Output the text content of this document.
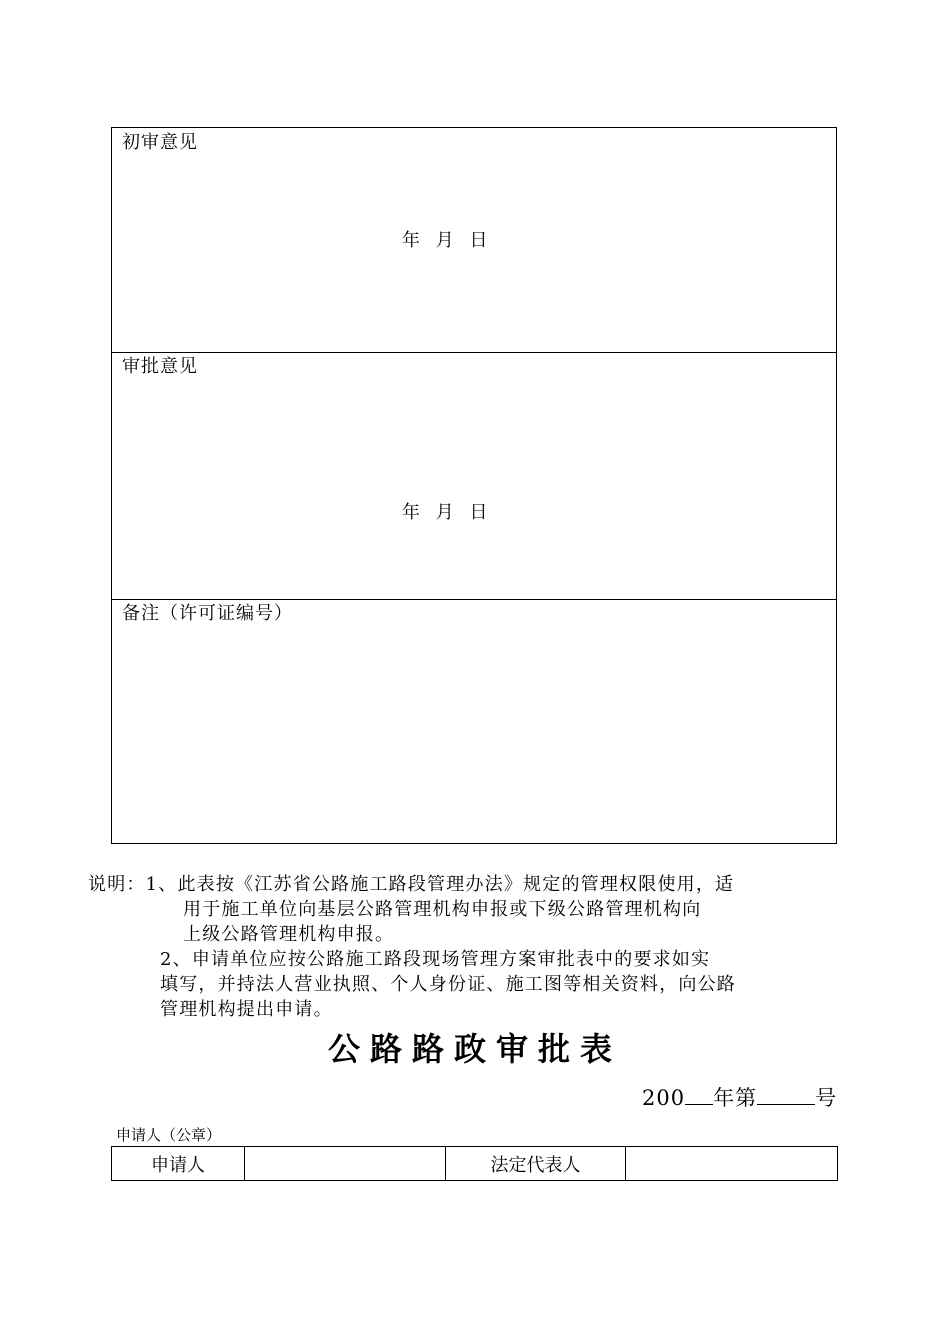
初审意见
年 月 日
审批意见
年 月 日
备注（许可证编号）
说明：1、此表按《江苏省公路施工路段管理办法》规定的管理权限使用，适
用于施工单位向基层公路管理机构申报或下级公路管理机构向
上级公路管理机构申报。
2、申请单位应按公路施工路段现场管理方案审批表中的要求如实
填写，并持法人营业执照、个人身份证、施工图等相关资料，向公路
管理机构提出申请。
公路路政审批表
200 年第	号
申请人（公章）
申请人		法定代表人	
